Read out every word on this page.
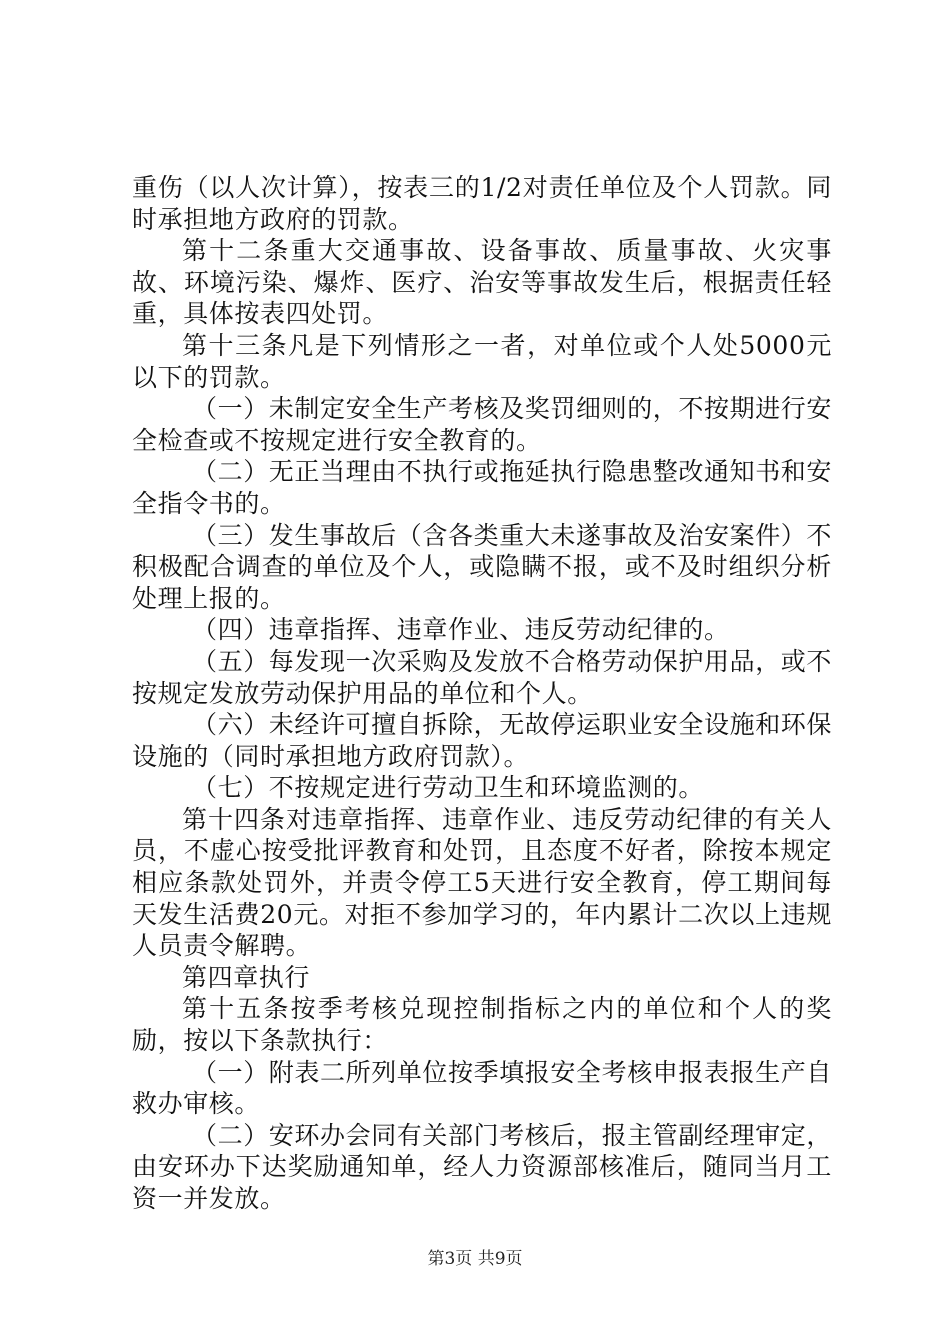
重伤（以人次计算），按表三的1/2对责任单位及个人罚款。同时承担地方政府的罚款。

第十二条重大交通事故、设备事故、质量事故、火灾事故、环境污染、爆炸、医疗、治安等事故发生后，根据责任轻重，具体按表四处罚。

第十三条凡是下列情形之一者，对单位或个人处5000元以下的罚款。

（一）未制定安全生产考核及奖罚细则的，不按期进行安全检查或不按规定进行安全教育的。

（二）无正当理由不执行或拖延执行隐患整改通知书和安全指令书的。

（三）发生事故后（含各类重大未遂事故及治安案件）不积极配合调查的单位及个人，或隐瞒不报，或不及时组织分析处理上报的。

（四）违章指挥、违章作业、违反劳动纪律的。

（五）每发现一次采购及发放不合格劳动保护用品，或不按规定发放劳动保护用品的单位和个人。

（六）未经许可擅自拆除，无故停运职业安全设施和环保设施的（同时承担地方政府罚款）。

（七）不按规定进行劳动卫生和环境监测的。

第十四条对违章指挥、违章作业、违反劳动纪律的有关人员，不虚心按受批评教育和处罚，且态度不好者，除按本规定相应条款处罚外，并责令停工5天进行安全教育，停工期间每天发生活费20元。对拒不参加学习的，年内累计二次以上违规人员责令解聘。

第四章执行

第十五条按季考核兑现控制指标之内的单位和个人的奖励，按以下条款执行：

（一）附表二所列单位按季填报安全考核申报表报生产自救办审核。

（二）安环办会同有关部门考核后，报主管副经理审定，由安环办下达奖励通知单，经人力资源部核准后，随同当月工资一并发放。

第3页 共9页
